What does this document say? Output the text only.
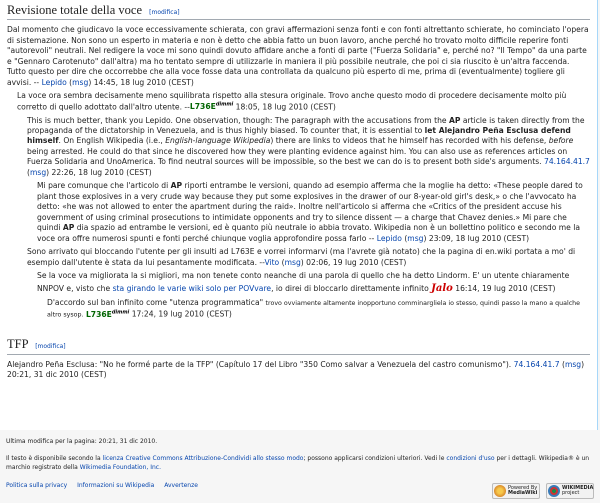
Revisione totale della voce [modifica]

Dal momento che giudicavo la voce eccessivamente schierata, con gravi affermazioni senza fonti e con fonti altrettanto schierate, ho cominciato l'opera di sistemazione. Non sono un esperto in materia e non è detto che abbia fatto un buon lavoro, anche perché ho trovato molto difficile reperire fonti "autorevoli" neutrali. Nel redigere la voce mi sono quindi dovuto affidare anche a fonti di parte ("Fuerza Solidaria" e, perché no? "Il Tempo" da una parte e "Gennaro Carotenuto" dall'altra) ma ho tentato sempre di utilizzarle in maniera il più possibile neutrale, che poi ci sia riuscito è un'altra faccenda. Tutto questo per dire che occorrebbe che alla voce fosse data una controllata da qualcuno più esperto di me, prima di (eventualmente) togliere gli avvisi. -- Lepido (msg) 14:45, 18 lug 2010 (CEST)

La voce ora sembra decisamente meno squilibrata rispetto alla stesura originale. Trovo anche questo modo di procedere decisamente molto più corretto di quello adottato dall'altro utente. $--L736E^{dimmi}$ 18:05, 18 lug 2010 (CEST)
This is much better, thank you Lepido. One observation, though: The paragraph with the accusations from the AP article is taken directly from the propaganda of the dictatorship in Venezuela, and is thus highly biased. To counter that, it is essential to let Alejandro Peña Esclusa defend himself. On English Wikipedia (i.e., English-language Wikipedia) there are links to videos that he himself has recorded with his defense, before being arrested. He could do that since he discovered how they were planting evidence against him. You can also use as references articles on Fuerza Solidaria and UnoAmerica. To find neutral sources will be impossible, so the best we can do is to present both side's arguments. 74.164.41.7 (msg) 22:26, 18 lug 2010 (CEST)
Mi pare comunque che l'articolo di AP riporti entrambe le versioni, quando ad esempio afferma che la moglie ha detto: «These people dared to plant those explosives in a very crude way because they put some explosives in the drawer of our 8-year-old girl's desk,» o che l'avvocato ha detto: «he was not allowed to enter the apartment during the raid». Inoltre nell'articolo si afferma che «Critics of the president accuse his government of using criminal prosecutions to intimidate opponents and try to silence dissent — a charge that Chavez denies.» Mi pare che quindi AP dia spazio ad entrambe le versioni, ed è quanto più neutrale io abbia trovato. Wikipedia non è un bollettino politico e secondo me la voce ora offre numerosi spunti e fonti perché chiunque voglia approfondire possa farlo -- Lepido (msg) 23:09, 18 lug 2010 (CEST)
Sono arrivato qui bloccando l'utente per gli insulti ad L763E e vorrei informarvi (ma l'avrete già notato) che la pagina di en.wiki portata a mo' di esempio dall'utente è stata da lui pesantamente modificata. --Vito (msg) 02:06, 19 lug 2010 (CEST)
Se la voce va migliorata la si migliori, ma non tenete conto neanche di una parola di quello che ha detto Lindorm. E' un utente chiaramente NNPOV e, visto che sta girando le varie wiki solo per POVvare, io direi di bloccarlo direttamente infinito Jalo 16:14, 19 lug 2010 (CEST)
D'accordo sul ban infinito come "utenza programmatica" trovo ovviamente altamente inopportuno comminargliela io stesso, quindi passo la mano a qualche altro sysop. $L736E^{dimmi}$ 17:24, 19 lug 2010 (CEST)
TFP [modifica]

Alejandro Peña Esclusa: "No he formé parte de la TFP" (Capítulo 17 del Libro "350 Como salvar a Venezuela del castro comunismo"). 74.164.41.7 (msg) 20:21, 31 dic 2010 (CEST)

Ultima modifica per la pagina: 20:21, 31 dic 2010.
Il testo è disponibile secondo la licenza Creative Commons Attribuzione-Condividi allo stesso modo; possono applicarsi condizioni ulteriori. Vedi le condizioni d'uso per i dettagli. Wikipedia® è un marchio registrato della Wikimedia Foundation, Inc.
Politica sulla privacy Informazioni su Wikipedia Avvertenze	Powered By
MediaWiki
WIKIMEDIA
project
